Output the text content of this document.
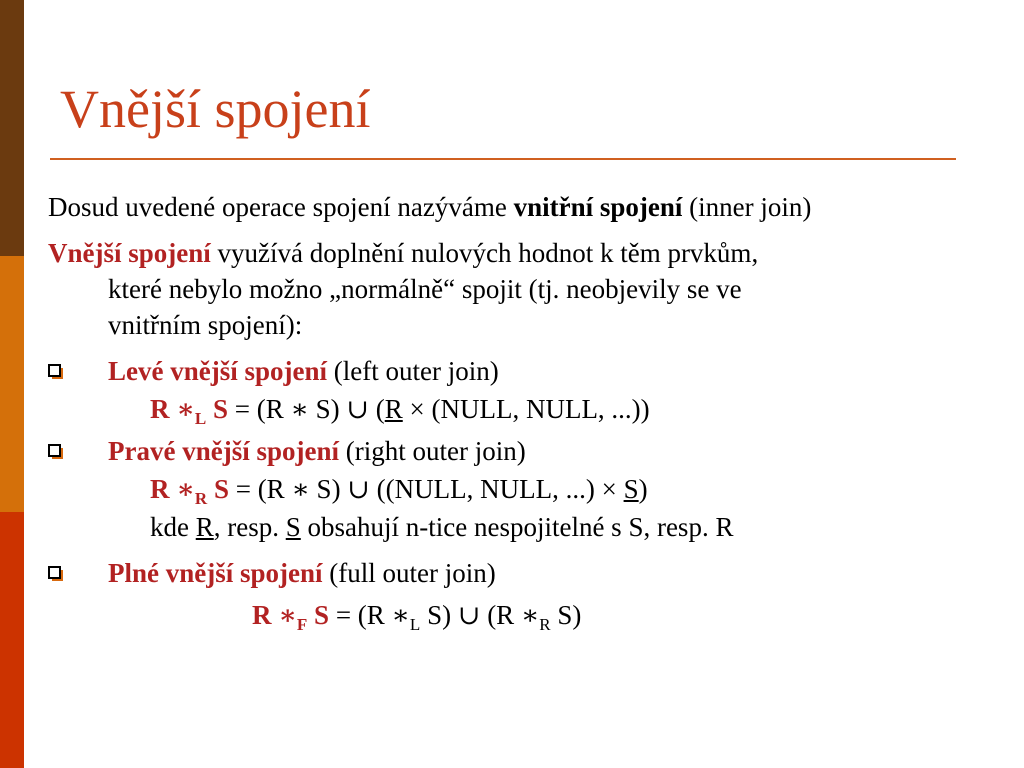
Vnější spojení
Dosud uvedené operace spojení nazýváme vnitřní spojení (inner join)
Vnější spojení využívá doplnění nulových hodnot k těm prvkům,
které nebylo možno „normálně“ spojit (tj. neobjevily se ve
vnitřním spojení):
Levé vnější spojení (left outer join)
R $∗_L$ S = (R ∗ S) ∪ (R × (NULL, NULL, ...))
Pravé vnější spojení (right outer join)
R $∗_R$ S = (R ∗ S) ∪ ((NULL, NULL, ...) × S)
kde R, resp. S obsahují n-tice nespojitelné s S, resp. R
Plné vnější spojení (full outer join)
R $∗_F$ S = (R $∗_L$ S) ∪ (R $∗_R$ S)
